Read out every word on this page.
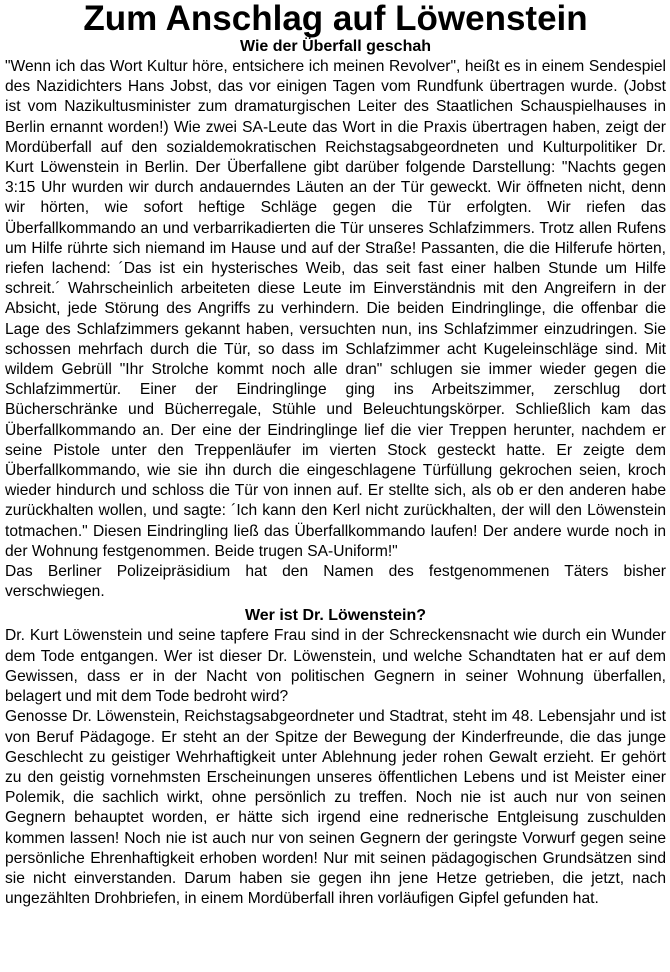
Zum Anschlag auf Löwenstein
Wie der Überfall geschah

"Wenn ich das Wort Kultur höre, entsichere ich meinen Revolver", heißt es in einem Sendespiel des Nazidichters Hans Jobst, das vor einigen Tagen vom Rundfunk übertragen wurde. (Jobst ist vom Nazikultusminister zum dramaturgischen Leiter des Staatlichen Schauspielhauses in Berlin ernannt worden!) Wie zwei SA-Leute das Wort in die Praxis übertragen haben, zeigt der Mordüberfall auf den sozialdemokratischen Reichstagsabgeordneten und Kulturpolitiker Dr. Kurt Löwenstein in Berlin. Der Überfallene gibt darüber folgende Darstellung: "Nachts gegen 3:15 Uhr wurden wir durch andauerndes Läuten an der Tür geweckt. Wir öffneten nicht, denn wir hörten, wie sofort heftige Schläge gegen die Tür erfolgten. Wir riefen das Überfallkommando an und verbarrikadierten die Tür unseres Schlafzimmers. Trotz allen Rufens um Hilfe rührte sich niemand im Hause und auf der Straße! Passanten, die die Hilferufe hörten, riefen lachend: ´Das ist ein hysterisches Weib, das seit fast einer halben Stunde um Hilfe schreit.´ Wahrscheinlich arbeiteten diese Leute im Einverständnis mit den Angreifern in der Absicht, jede Störung des Angriffs zu verhindern. Die beiden Eindringlinge, die offenbar die Lage des Schlafzimmers gekannt haben, versuchten nun, ins Schlafzimmer einzudringen. Sie schossen mehrfach durch die Tür, so dass im Schlafzimmer acht Kugeleinschläge sind. Mit wildem Gebrüll "Ihr Strolche kommt noch alle dran" schlugen sie immer wieder gegen die Schlafzimmertür. Einer der Eindringlinge ging ins Arbeitszimmer, zerschlug dort Bücherschränke und Bücherregale, Stühle und Beleuchtungskörper. Schließlich kam das Überfallkommando an. Der eine der Eindringlinge lief die vier Treppen herunter, nachdem er seine Pistole unter den Treppenläufer im vierten Stock gesteckt hatte. Er zeigte dem Überfallkommando, wie sie ihn durch die eingeschlagene Türfüllung gekrochen seien, kroch wieder hindurch und schloss die Tür von innen auf. Er stellte sich, als ob er den anderen habe zurückhalten wollen, und sagte: ´Ich kann den Kerl nicht zurückhalten, der will den Löwenstein totmachen." Diesen Eindringling ließ das Überfallkommando laufen! Der andere wurde noch in der Wohnung festgenommen. Beide trugen SA-Uniform!"

Das Berliner Polizeipräsidium hat den Namen des festgenommenen Täters bisher verschwiegen.

Wer ist Dr. Löwenstein?

Dr. Kurt Löwenstein und seine tapfere Frau sind in der Schreckensnacht wie durch ein Wunder dem Tode entgangen. Wer ist dieser Dr. Löwenstein, und welche Schandtaten hat er auf dem Gewissen, dass er in der Nacht von politischen Gegnern in seiner Wohnung überfallen, belagert und mit dem Tode bedroht wird?

Genosse Dr. Löwenstein, Reichstagsabgeordneter und Stadtrat, steht im 48. Lebensjahr und ist von Beruf Pädagoge. Er steht an der Spitze der Bewegung der Kinderfreunde, die das junge Geschlecht zu geistiger Wehrhaftigkeit unter Ablehnung jeder rohen Gewalt erzieht. Er gehört zu den geistig vornehmsten Erscheinungen unseres öffentlichen Lebens und ist Meister einer Polemik, die sachlich wirkt, ohne persönlich zu treffen. Noch nie ist auch nur von seinen Gegnern behauptet worden, er hätte sich irgend eine rednerische Entgleisung zuschulden kommen lassen! Noch nie ist auch nur von seinen Gegnern der geringste Vorwurf gegen seine persönliche Ehrenhaftigkeit erhoben worden! Nur mit seinen pädagogischen Grundsätzen sind sie nicht einverstanden. Darum haben sie gegen ihn jene Hetze getrieben, die jetzt, nach ungezählten Drohbriefen, in einem Mordüberfall ihren vorläufigen Gipfel gefunden hat.
